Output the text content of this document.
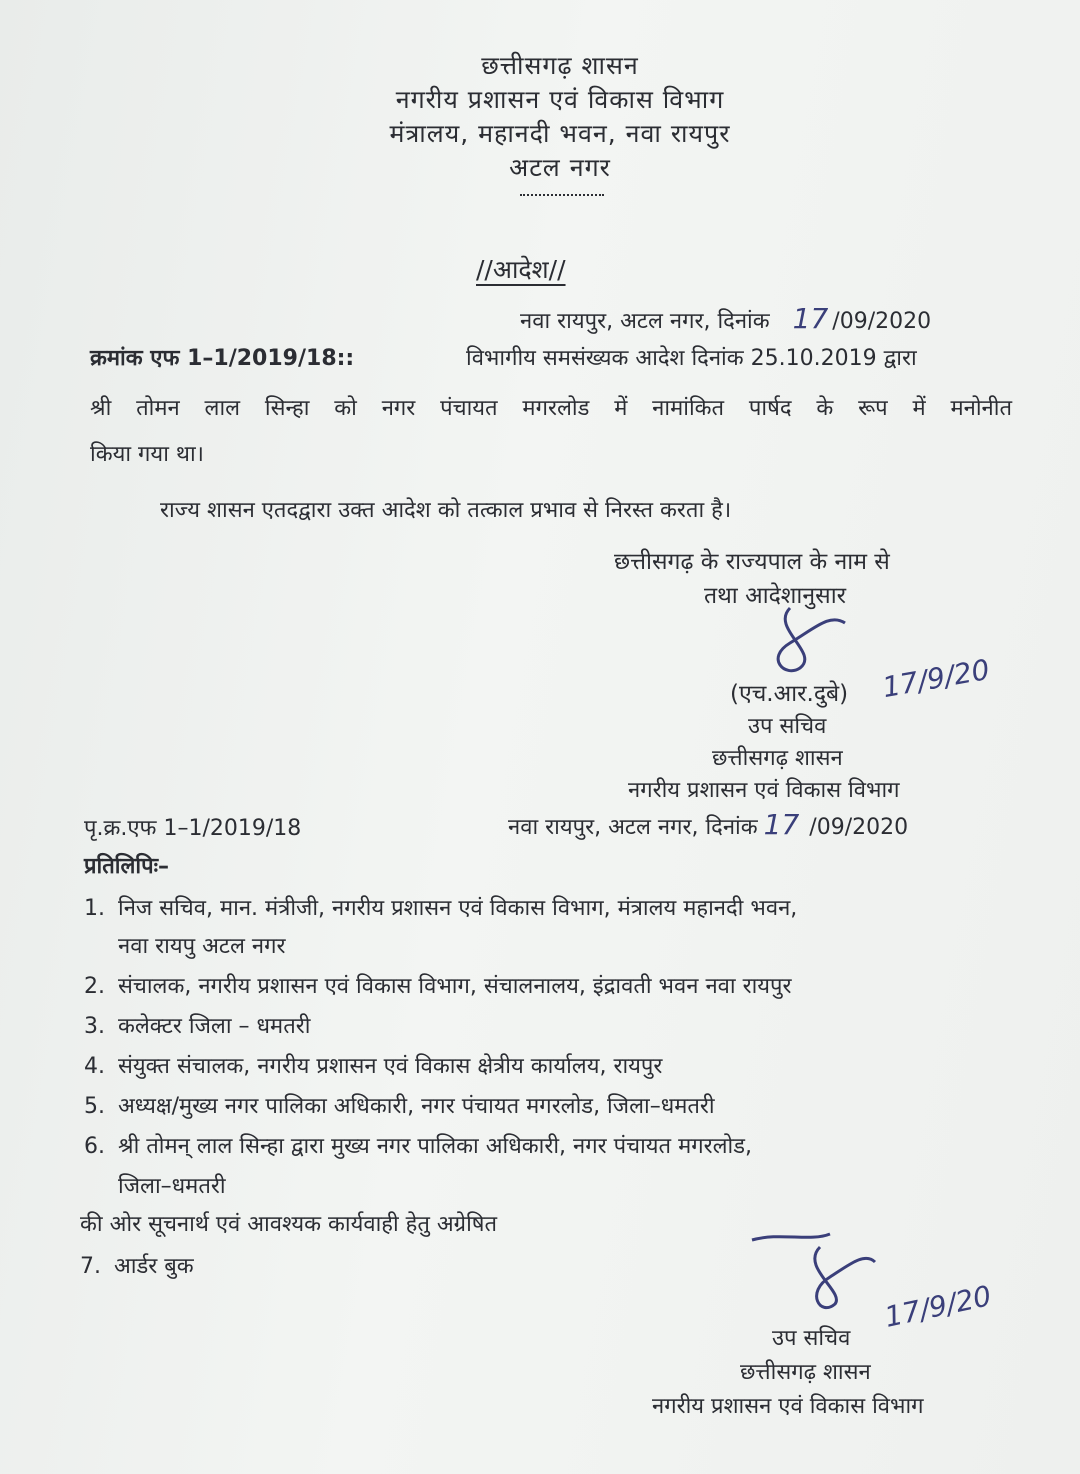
छत्तीसगढ़ शासन
नगरीय प्रशासन एवं विकास विभाग
मंत्रालय, महानदी भवन, नवा रायपुर
अटल नगर
//आदेश//
नवा रायपुर, अटल नगर, दिनांक 17 /09/2020
क्रमांक एफ 1–1/2019/18::	विभागीय समसंख्यक आदेश दिनांक 25.10.2019 द्वारा
श्री तोमन लाल सिन्हा को नगर पंचायत मगरलोड में नामांकित पार्षद के रूप में मनोनीत
किया गया था।
राज्य शासन एतदद्वारा उक्त आदेश को तत्काल प्रभाव से निरस्त करता है।
छत्तीसगढ़ के राज्यपाल के नाम से
तथा आदेशानुसार
(एच.आर.दुबे) 17/9/20
उप सचिव
छत्तीसगढ़ शासन
नगरीय प्रशासन एवं विकास विभाग
पृ.क्र.एफ 1–1/2019/18	नवा रायपुर, अटल नगर, दिनांक 17 /09/2020
प्रतिलिपिः–
1. निज सचिव, मान. मंत्रीजी, नगरीय प्रशासन एवं विकास विभाग, मंत्रालय महानदी भवन,
नवा रायपु अटल नगर
2. संचालक, नगरीय प्रशासन एवं विकास विभाग, संचालनालय, इंद्रावती भवन नवा रायपुर
3. कलेक्टर जिला – धमतरी
4. संयुक्त संचालक, नगरीय प्रशासन एवं विकास क्षेत्रीय कार्यालय, रायपुर
5. अध्यक्ष/मुख्य नगर पालिका अधिकारी, नगर पंचायत मगरलोड, जिला–धमतरी
6. श्री तोमन् लाल सिन्हा द्वारा मुख्य नगर पालिका अधिकारी, नगर पंचायत मगरलोड,
जिला–धमतरी
की ओर सूचनार्थ एवं आवश्यक कार्यवाही हेतु अग्रेषित
7. आर्डर बुक
17/9/20
उप सचिव
छत्तीसगढ़ शासन
नगरीय प्रशासन एवं विकास विभाग
